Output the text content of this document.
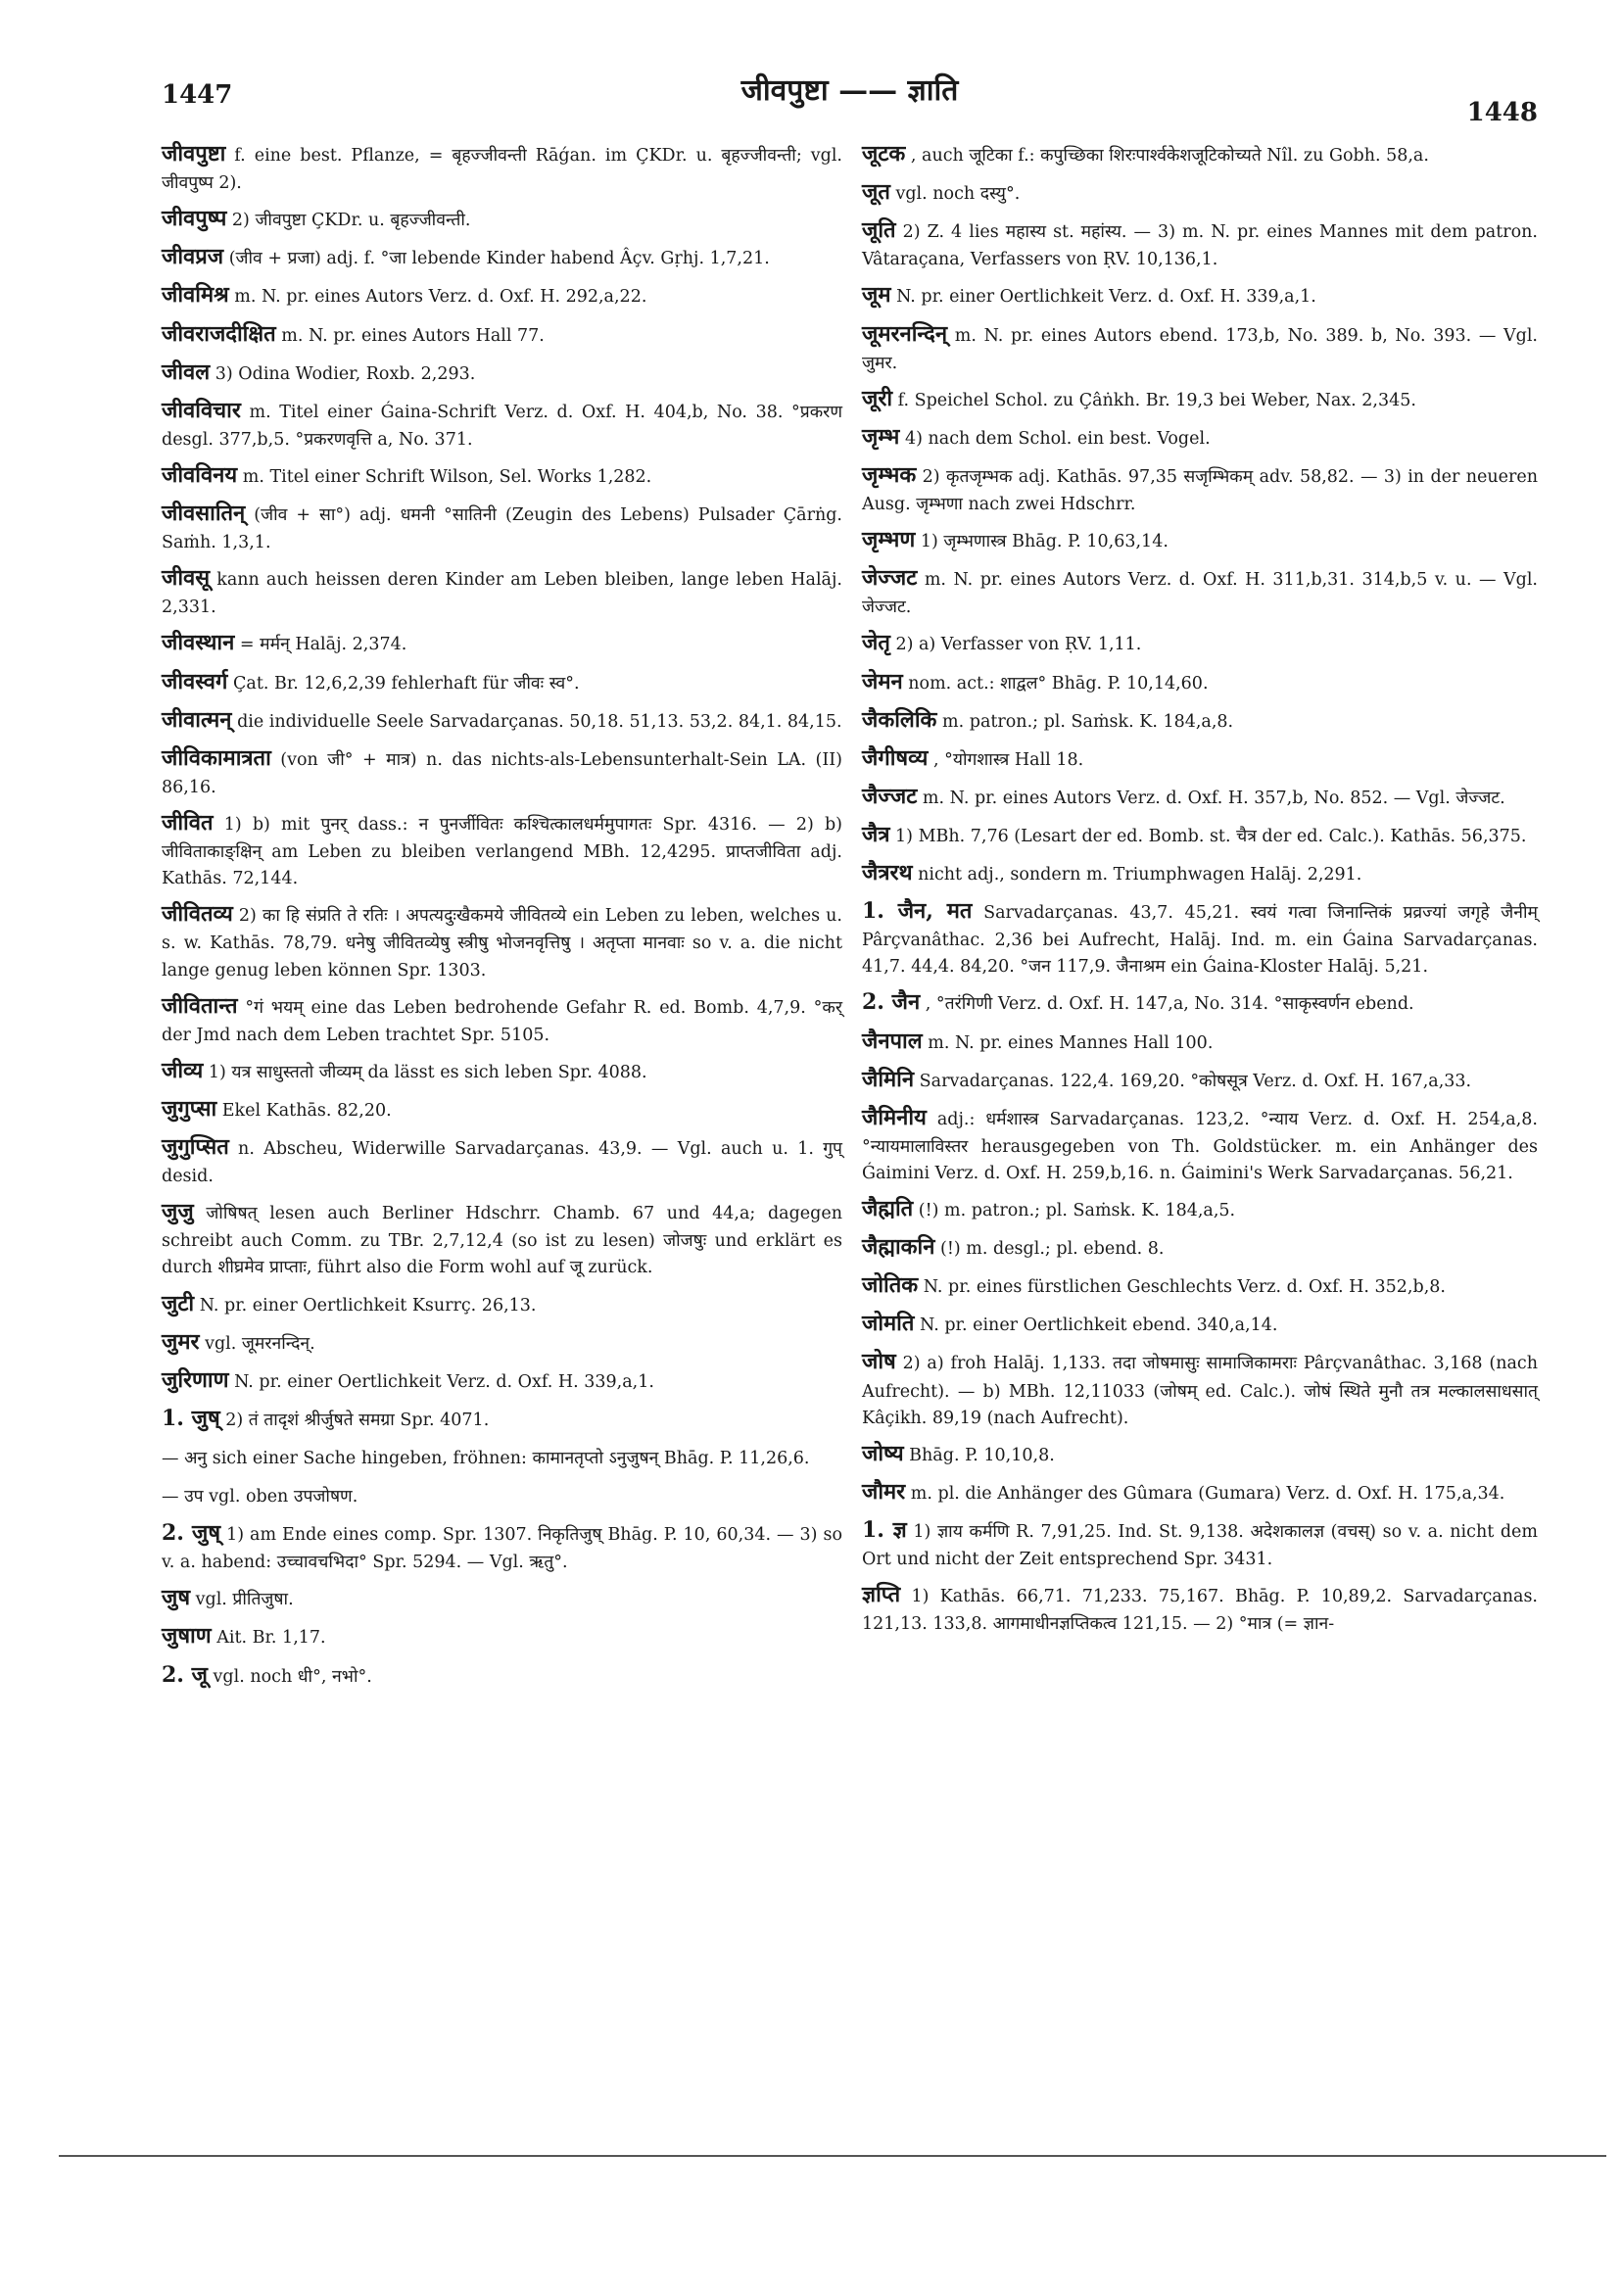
1447	जीवपुष्टा —— ज्ञाति
1448

जीवपुष्टा f. eine best. Pflanze, = बृहज्जीवन्ती Rāǵan. im ÇKDr. u. बृहज्जीवन्ती; vgl. जीवपुष्प 2).

जीवपुष्प 2) जीवपुष्टा ÇKDr. u. बृहज्जीवन्ती.

जीवप्रज (जीव + प्रजा) adj. f. °जा lebende Kinder habend Âçv. Gṛhj. 1,7,21.

जीवमिश्र m. N. pr. eines Autors Verz. d. Oxf. H. 292,a,22.

जीवराजदीक्षित m. N. pr. eines Autors Hall 77.

जीवल 3) Odina Wodier, Roxb. 2,293.

जीवविचार m. Titel einer Ǵaina-Schrift Verz. d. Oxf. H. 404,b, No. 38. °प्रकरण desgl. 377,b,5. °प्रकरणवृत्ति a, No. 371.

जीवविनय m. Titel einer Schrift Wilson, Sel. Works 1,282.

जीवसातिन् (जीव + सा°) adj. धमनी °सातिनी (Zeugin des Lebens) Pulsader Çārṅg. Saṁh. 1,3,1.

जीवसू kann auch heissen deren Kinder am Leben bleiben, lange leben Halāj. 2,331.

जीवस्थान = मर्मन् Halāj. 2,374.

जीवस्वर्ग Çat. Br. 12,6,2,39 fehlerhaft für जीवः स्व°.

जीवात्मन् die individuelle Seele Sarvadarçanas. 50,18. 51,13. 53,2. 84,1. 84,15.

जीविकामात्रता (von जी° + मात्र) n. das nichts-als-Lebensunterhalt-Sein LA. (II) 86,16.

जीवित 1) b) mit पुनर् dass.: न पुनर्जीवितः कश्चित्कालधर्ममुपागतः Spr. 4316. — 2) b) जीविताकाङ्क्षिन् am Leben zu bleiben verlangend MBh. 12,4295. प्राप्तजीविता adj. Kathās. 72,144.

जीवितव्य 2) का हि संप्रति ते रतिः । अपत्यदुःखैकमये जीवितव्ये ein Leben zu leben, welches u. s. w. Kathās. 78,79. धनेषु जीवितव्येषु स्त्रीषु भोजनवृत्तिषु । अतृप्ता मानवाः so v. a. die nicht lange genug leben können Spr. 1303.

जीवितान्त °गं भयम् eine das Leben bedrohende Gefahr R. ed. Bomb. 4,7,9. °कर् der Jmd nach dem Leben trachtet Spr. 5105.

जीव्य 1) यत्र साधुस्ततो जीव्यम् da lässt es sich leben Spr. 4088.

जुगुप्सा Ekel Kathās. 82,20.

जुगुप्सित n. Abscheu, Widerwille Sarvadarçanas. 43,9. — Vgl. auch u. 1. गुप् desid.

जुजु जोषिषत् lesen auch Berliner Hdschrr. Chamb. 67 und 44,a; dagegen schreibt auch Comm. zu TBr. 2,7,12,4 (so ist zu lesen) जोजषुः und erklärt es durch शीघ्रमेव प्राप्ताः, führt also die Form wohl auf जू zurück.

जुटी N. pr. einer Oertlichkeit Ksurrç. 26,13.

जुमर vgl. जूमरनन्दिन्.

जुरिणाण N. pr. einer Oertlichkeit Verz. d. Oxf. H. 339,a,1.

1. जुष् 2) तं तादृशं श्रीर्जुषते समग्रा Spr. 4071.

— अनु sich einer Sache hingeben, fröhnen: कामानतृप्तो ऽनुजुषन् Bhāg. P. 11,26,6.

— उप vgl. oben उपजोषण.

2. जुष् 1) am Ende eines comp. Spr. 1307. निकृतिजुष् Bhāg. P. 10, 60,34. — 3) so v. a. habend: उच्चावचभिदा° Spr. 5294. — Vgl. ऋतु°.

जुष vgl. प्रीतिजुषा.

जुषाण Ait. Br. 1,17.

2. जू vgl. noch धी°, नभो°.

जूटक , auch जूटिका f.: कपुच्छिका शिरःपार्श्वकेशजूटिकोच्यते Nîl. zu Gobh. 58,a.

जूत vgl. noch दस्यु°.

जूति 2) Z. 4 lies महास्य st. महांस्य. — 3) m. N. pr. eines Mannes mit dem patron. Vâtaraçana, Verfassers von ṚV. 10,136,1.

जूम N. pr. einer Oertlichkeit Verz. d. Oxf. H. 339,a,1.

जूमरनन्दिन् m. N. pr. eines Autors ebend. 173,b, No. 389. b, No. 393. — Vgl. जुमर.

जूरी f. Speichel Schol. zu Çâṅkh. Br. 19,3 bei Weber, Nax. 2,345.

जृम्भ 4) nach dem Schol. ein best. Vogel.

जृम्भक 2) कृतजृम्भक adj. Kathās. 97,35 सजृम्भिकम् adv. 58,82. — 3) in der neueren Ausg. जृम्भणा nach zwei Hdschrr.

जृम्भण 1) जृम्भणास्त्र Bhāg. P. 10,63,14.

जेज्जट m. N. pr. eines Autors Verz. d. Oxf. H. 311,b,31. 314,b,5 v. u. — Vgl. जेज्जट.

जेतृ 2) a) Verfasser von ṚV. 1,11.

जेमन nom. act.: शाद्वल° Bhāg. P. 10,14,60.

जैकलिकि m. patron.; pl. Saṁsk. K. 184,a,8.

जैगीषव्य , °योगशास्त्र Hall 18.

जैज्जट m. N. pr. eines Autors Verz. d. Oxf. H. 357,b, No. 852. — Vgl. जेज्जट.

जैत्र 1) MBh. 7,76 (Lesart der ed. Bomb. st. चैत्र der ed. Calc.). Kathās. 56,375.

जैत्ररथ nicht adj., sondern m. Triumphwagen Halāj. 2,291.

1. जैन, मत Sarvadarçanas. 43,7. 45,21. स्वयं गत्वा जिनान्तिकं प्रव्रज्यां जगृहे जैनीम् Pârçvanâthac. 2,36 bei Aufrecht, Halāj. Ind. m. ein Ǵaina Sarvadarçanas. 41,7. 44,4. 84,20. °जन 117,9. जैनाश्रम ein Ǵaina-Kloster Halāj. 5,21.

2. जैन , °तरंगिणी Verz. d. Oxf. H. 147,a, No. 314. °साकृस्वर्णन ebend.

जैनपाल m. N. pr. eines Mannes Hall 100.

जैमिनि Sarvadarçanas. 122,4. 169,20. °कोषसूत्र Verz. d. Oxf. H. 167,a,33.

जैमिनीय adj.: धर्मशास्त्र Sarvadarçanas. 123,2. °न्याय Verz. d. Oxf. H. 254,a,8. °न्यायमालाविस्तर herausgegeben von Th. Goldstücker. m. ein Anhänger des Ǵaimini Verz. d. Oxf. H. 259,b,16. n. Ǵaimini's Werk Sarvadarçanas. 56,21.

जैह्मति (!) m. patron.; pl. Saṁsk. K. 184,a,5.

जैह्माकनि (!) m. desgl.; pl. ebend. 8.

जोतिक N. pr. eines fürstlichen Geschlechts Verz. d. Oxf. H. 352,b,8.

जोमति N. pr. einer Oertlichkeit ebend. 340,a,14.

जोष 2) a) froh Halāj. 1,133. तदा जोषमासुः सामाजिकामराः Pârçvanâthac. 3,168 (nach Aufrecht). — b) MBh. 12,11033 (जोषम् ed. Calc.). जोषं स्थिते मुनौ तत्र मल्कालसाधसात् Kâçikh. 89,19 (nach Aufrecht).

जोष्य Bhāg. P. 10,10,8.

जौमर m. pl. die Anhänger des Gûmara (Gumara) Verz. d. Oxf. H. 175,a,34.

1. ज्ञ 1) ज्ञाय कर्मणि R. 7,91,25. Ind. St. 9,138. अदेशकालज्ञ (वचस्) so v. a. nicht dem Ort und nicht der Zeit entsprechend Spr. 3431.

ज्ञप्ति 1) Kathās. 66,71. 71,233. 75,167. Bhāg. P. 10,89,2. Sarvadarçanas. 121,13. 133,8. आगमाधीनज्ञप्तिकत्व 121,15. — 2) °मात्र (= ज्ञान-
